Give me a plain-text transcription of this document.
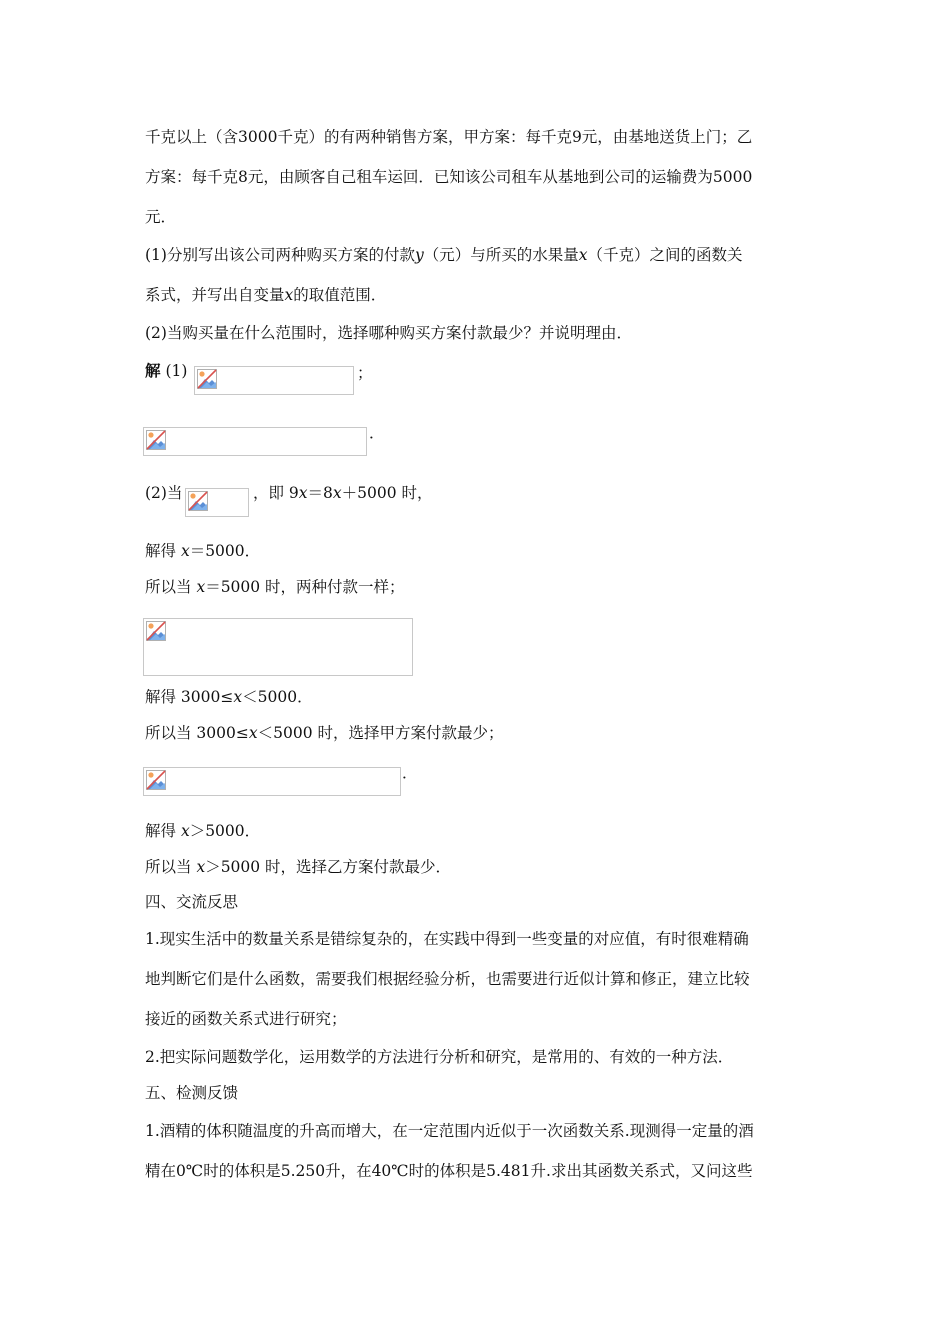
千克以上（含3000千克）的有两种销售方案，甲方案：每千克9元，由基地送货上门；乙
方案：每千克8元，由顾客自己租车运回．已知该公司租车从基地到公司的运输费为5000
元．
(1)分别写出该公司两种购买方案的付款y（元）与所买的水果量x（千克）之间的函数关
系式，并写出自变量x的取值范围．
(2)当购买量在什么范围时，选择哪种购买方案付款最少？并说明理由．
解 (1)	；
．
(2)当	，即 9x＝8x＋5000 时，
解得 x＝5000．
所以当 x＝5000 时，两种付款一样；
解得 3000≤x＜5000．
所以当 3000≤x＜5000 时，选择甲方案付款最少；
．
解得 x＞5000．
所以当 x＞5000 时，选择乙方案付款最少．
四、交流反思
1.现实生活中的数量关系是错综复杂的，在实践中得到一些变量的对应值，有时很难精确
地判断它们是什么函数，需要我们根据经验分析，也需要进行近似计算和修正，建立比较
接近的函数关系式进行研究；
2.把实际问题数学化，运用数学的方法进行分析和研究，是常用的、有效的一种方法．
五、检测反馈
1.酒精的体积随温度的升高而增大，在一定范围内近似于一次函数关系.现测得一定量的酒
精在0℃时的体积是5.250升，在40℃时的体积是5.481升.求出其函数关系式，又问这些
